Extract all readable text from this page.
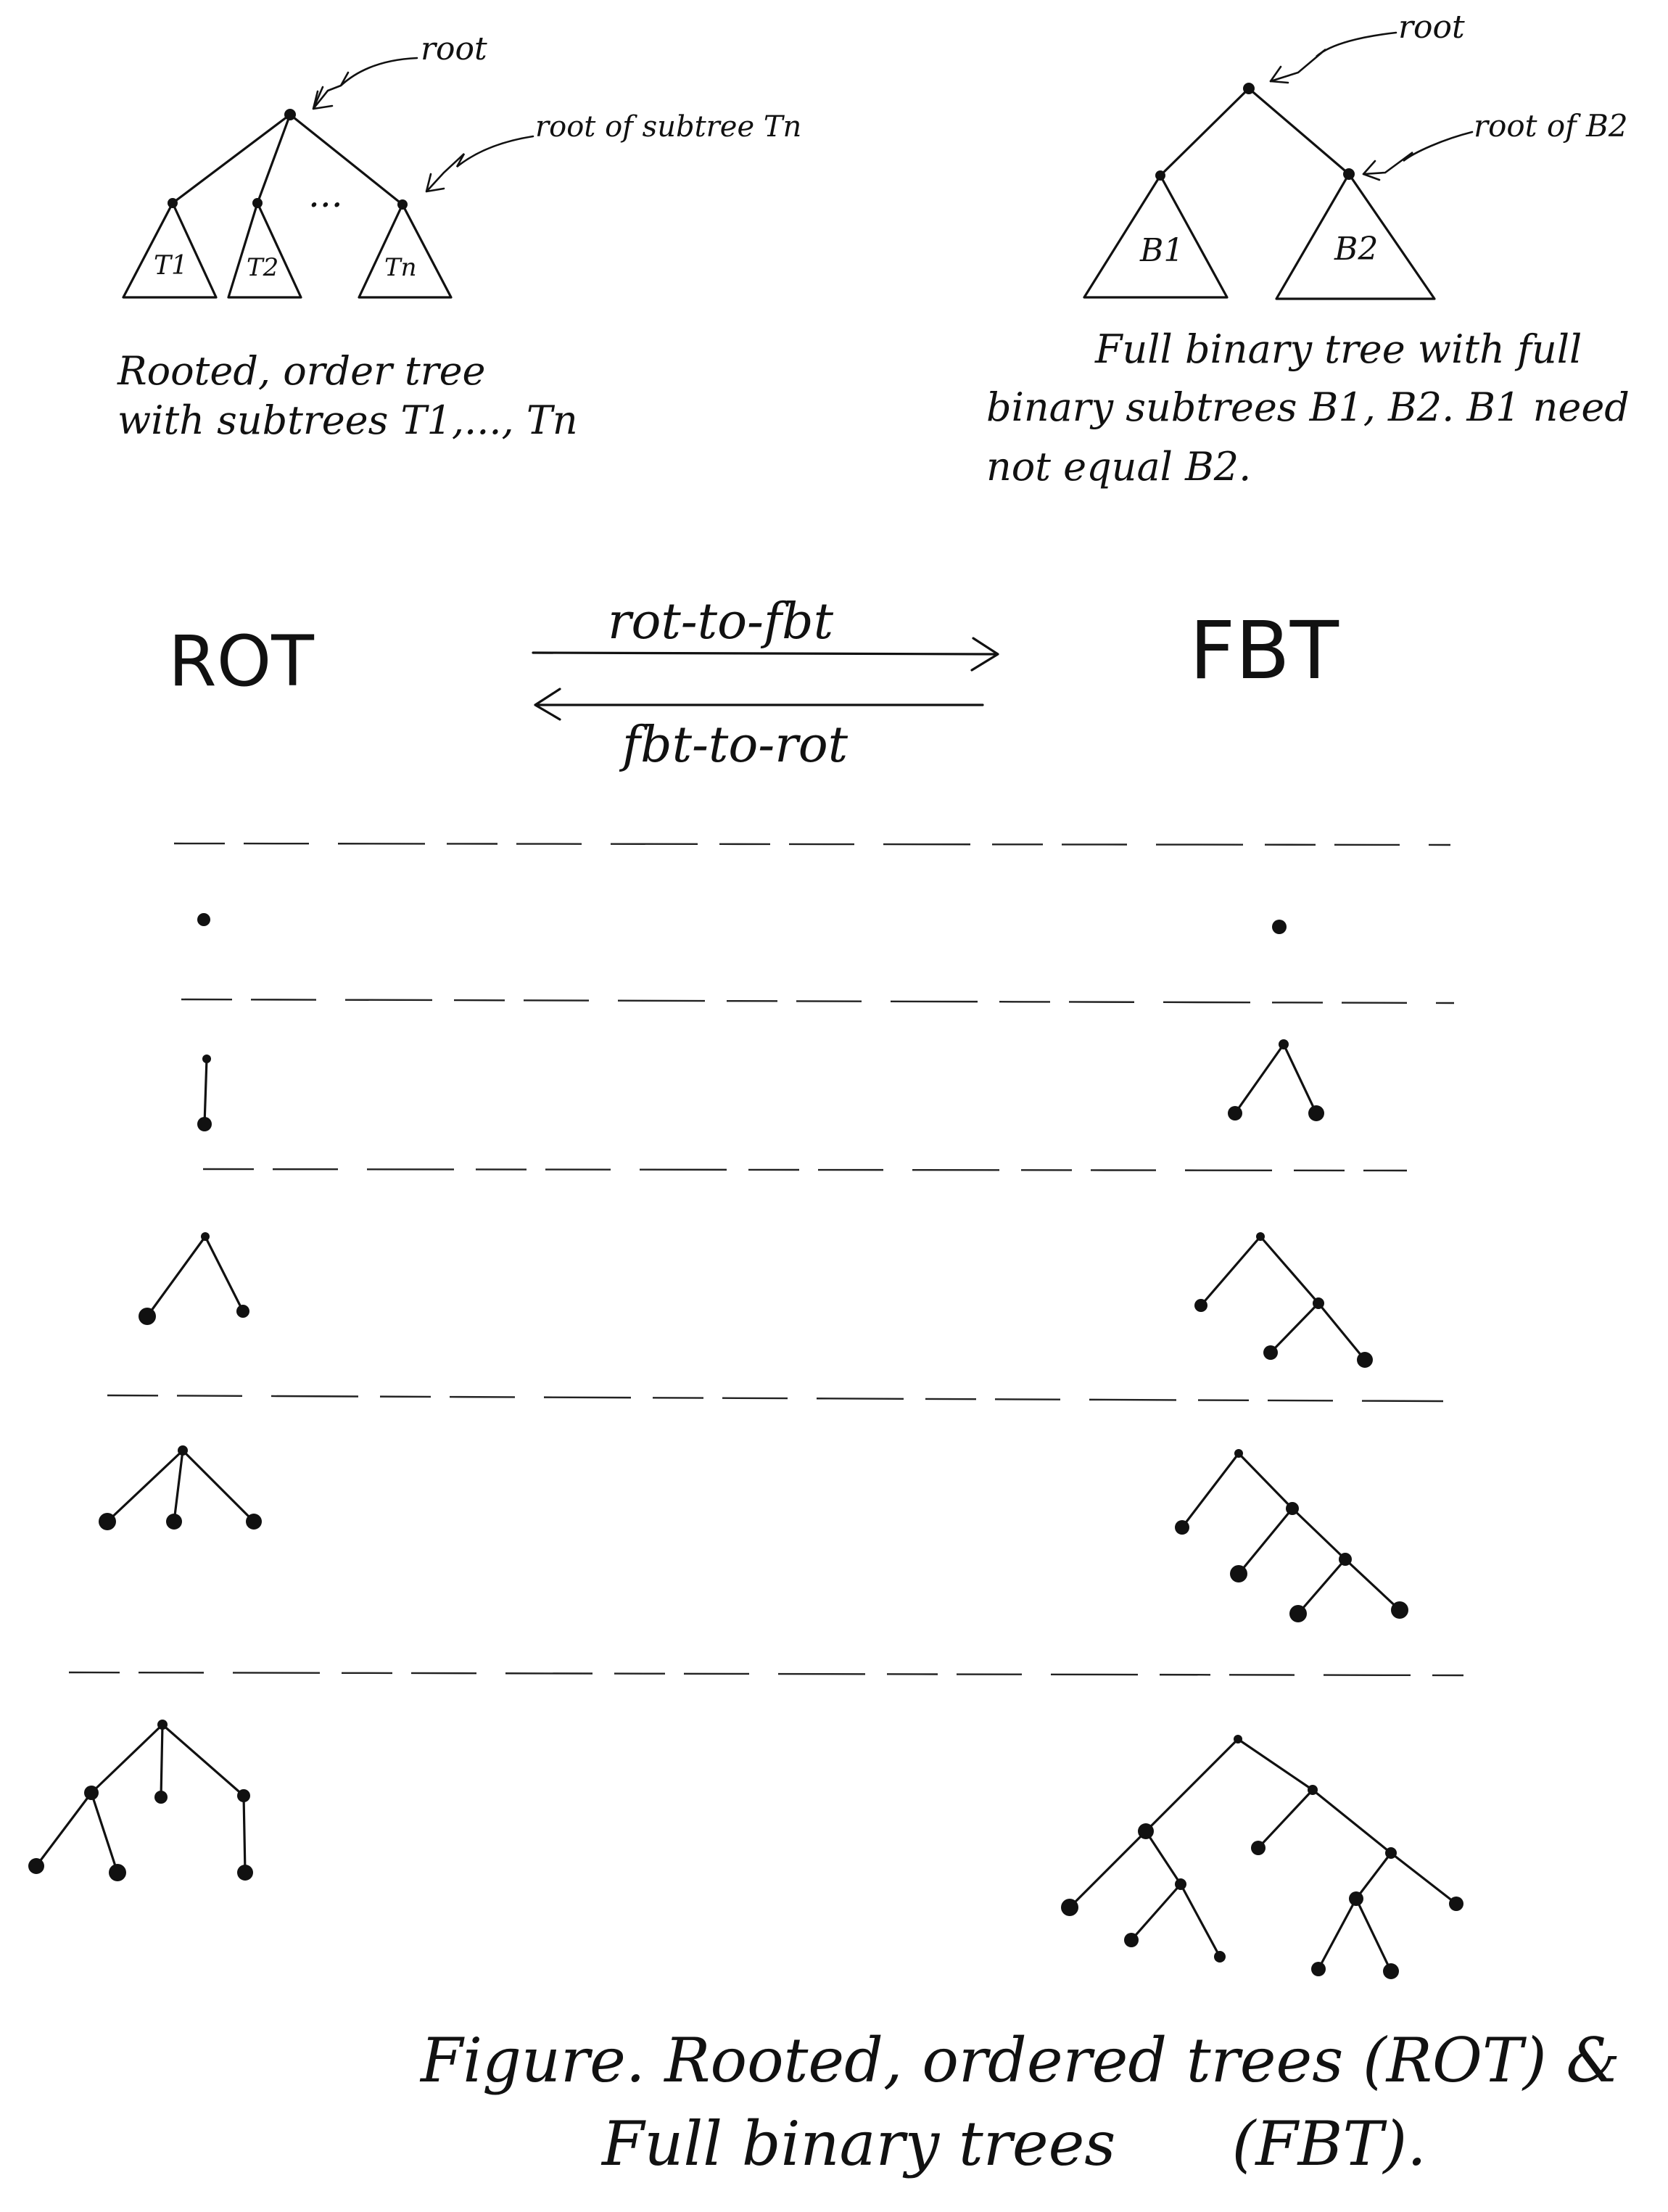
T1 T2	Tn
...
root
root of subtree Tn
Rooted, order tree
with subtrees T1,..., Tn
B1	B2
root
root of B2
Full binary tree with full
binary subtrees B1, B2. B1 need
not equal B2.
ROT	FBT
rot-to-fbt
fbt-to-rot
Figure. Rooted, ordered trees (ROT) &
Full binary trees      (FBT).
